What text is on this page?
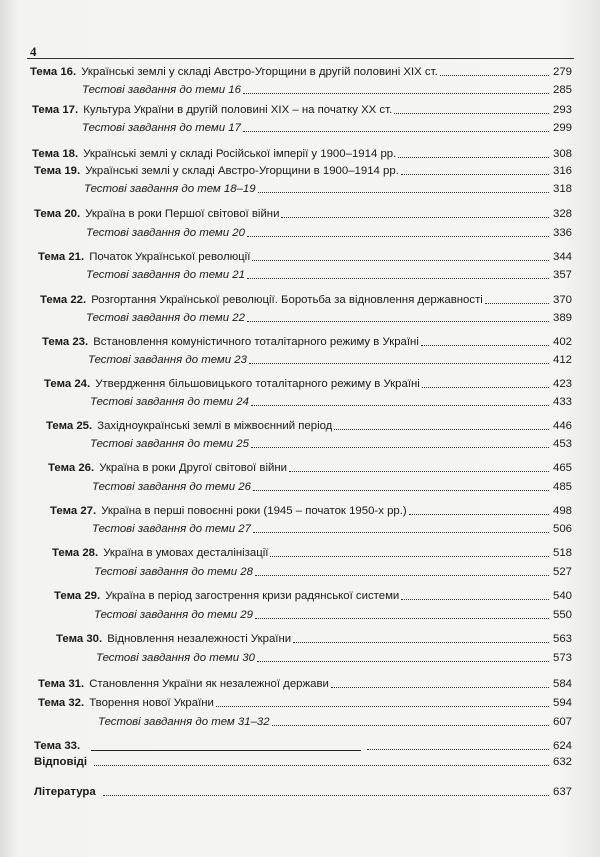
4
Тема 16. Українські землі у складі Австро-Угорщини в другій половині ХІХ ст.	279
Тестові завдання до теми 16	285
Тема 17. Культура України в другій половині ХІХ – на початку ХХ ст.	293
Тестові завдання до теми 17	299
Тема 18. Українські землі у складі Російської імперії у 1900–1914 рр.	308
Тема 19. Українські землі у складі Австро-Угорщини в 1900–1914 рр.	316
Тестові завдання до тем 18–19	318
Тема 20. Україна в роки Першої світової війни	328
Тестові завдання до теми 20	336
Тема 21. Початок Української революції	344
Тестові завдання до теми 21	357
Тема 22. Розгортання Української революції. Боротьба за відновлення державності	370
Тестові завдання до теми 22	389
Тема 23. Встановлення комуністичного тоталітарного режиму в Україні	402
Тестові завдання до теми 23	412
Тема 24. Утвердження більшовицького тоталітарного режиму в Україні	423
Тестові завдання до теми 24	433
Тема 25. Західноукраїнські землі в міжвоєнний період	446
Тестові завдання до теми 25	453
Тема 26. Україна в роки Другої світової війни	465
Тестові завдання до теми 26	485
Тема 27. Україна в перші повоєнні роки (1945 – початок 1950-х рр.)	498
Тестові завдання до теми 27	506
Тема 28. Україна в умовах десталінізації	518
Тестові завдання до теми 28	527
Тема 29. Україна в період загострення кризи радянської системи	540
Тестові завдання до теми 29	550
Тема 30. Відновлення незалежності України	563
Тестові завдання до теми 30	573
Тема 31. Становлення України як незалежної держави	584
Тема 32. Творення нової України	594
Тестові завдання до тем 31–32	607
Тема 33.	624
Відповіді	632
Література	637
